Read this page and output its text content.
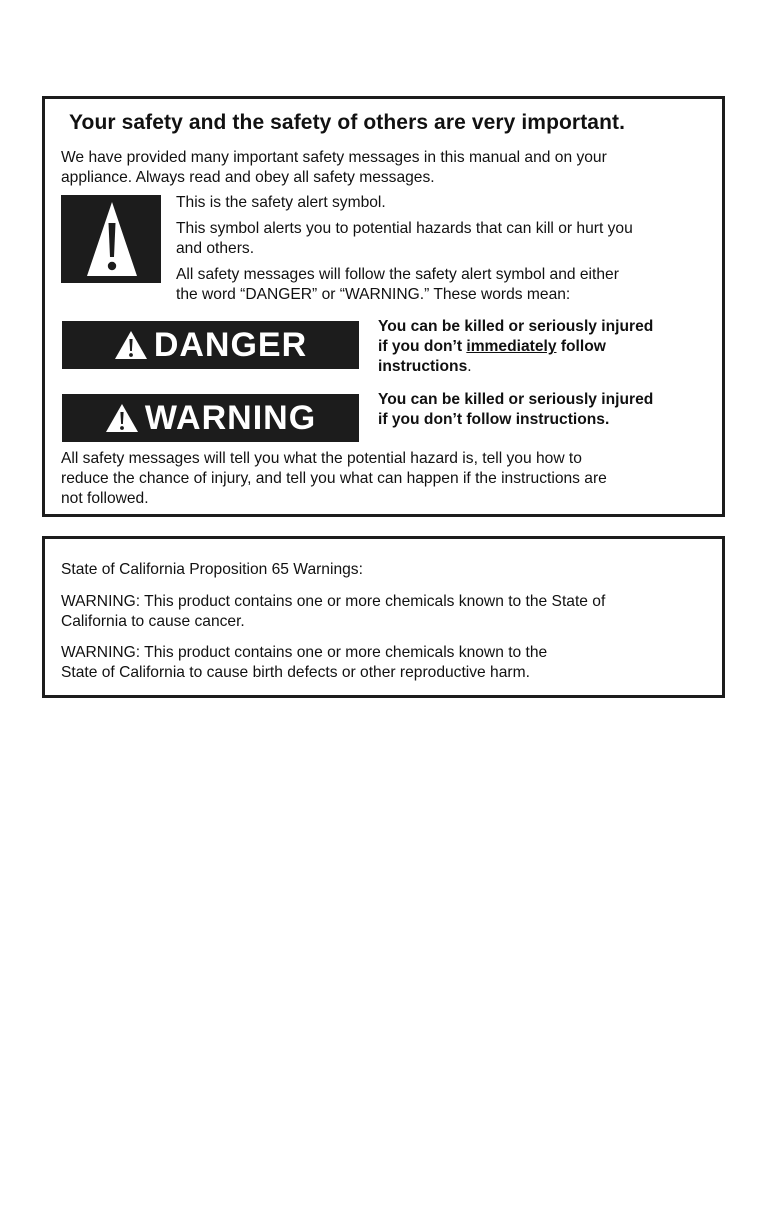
Your safety and the safety of others are very important.
We have provided many important safety messages in this manual and on your
appliance. Always read and obey all safety messages.
This is the safety alert symbol.
This symbol alerts you to potential hazards that can kill or hurt you
and others.
All safety messages will follow the safety alert symbol and either
the word “DANGER” or “WARNING.” These words mean:
DANGER	You can be killed or seriously injured
if you don’t immediately follow
instructions.
WARNING	You can be killed or seriously injured
if you don’t follow instructions.
All safety messages will tell you what the potential hazard is, tell you how to
reduce the chance of injury, and tell you what can happen if the instructions are
not followed.
State of California Proposition 65 Warnings:
WARNING: This product contains one or more chemicals known to the State of
California to cause cancer.
WARNING: This product contains one or more chemicals known to the
State of California to cause birth defects or other reproductive harm.
